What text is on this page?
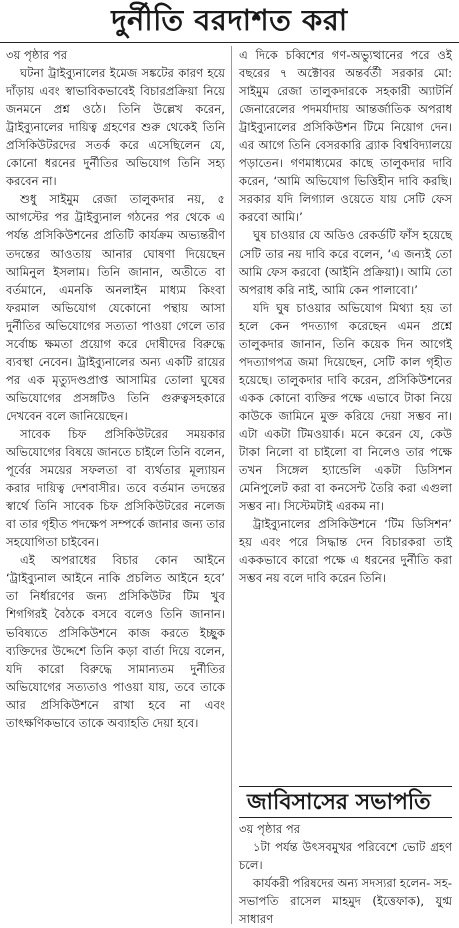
দুর্নীতি বরদাশত করা
৩য় পৃষ্ঠার পর

ঘটনা ট্রাইব্যুনালের ইমেজ সঙ্কটের কারণ হয়ে দাঁড়ায় এবং স্বাভাবিকভাবেই বিচারপ্রক্রিয়া নিয়ে জনমনে প্রশ্ন ওঠে। তিনি উল্লেখ করেন, ট্রাইব্যুনালের দায়িত্ব গ্রহণের শুরু থেকেই তিনি প্রসিকিউটরদের সতর্ক করে এসেছিলেন যে, কোনো ধরনের দুর্নীতির অভিযোগ তিনি সহ্য করবেন না।

শুধু সাইমুম রেজা তালুকদার নয়, ৫ আগস্টের পর ট্রাইব্যুনাল গঠনের পর থেকে এ পর্যন্ত প্রসিকিউশনের প্রতিটি কার্যক্রম অভ্যন্তরীণ তদন্তের আওতায় আনার ঘোষণা দিয়েছেন আমিনুল ইসলাম। তিনি জানান, অতীতে বা বর্তমানে, এমনকি অনলাইন মাধ্যম কিংবা ফরমাল অভিযোগ যেকোনো পন্থায় আসা দুর্নীতির অভিযোগের সত্যতা পাওয়া গেলে তার সর্বোচ্চ ক্ষমতা প্রয়োগ করে দোষীদের বিরুদ্ধে ব্যবস্থা নেবেন। ট্রাইব্যুনালের অন্য একটি রায়ের পর এক মৃত্যুদণ্ডপ্রাপ্ত আসামির তোলা ঘুষের অভিযোগের প্রসঙ্গটিও তিনি গুরুত্বসহকারে দেখবেন বলে জানিয়েছেন।

সাবেক চিফ প্রসিকিউটরের সময়কার অভিযোগের বিষয়ে জানতে চাইলে তিনি বলেন, পূর্বের সময়ের সফলতা বা ব্যর্থতার মূল্যায়ন করার দায়িত্ব দেশবাসীর। তবে বর্তমান তদন্তের স্বার্থে তিনি সাবেক চিফ প্রসিকিউটরের নলেজ বা তার গৃহীত পদক্ষেপ সম্পর্কে জানার জন্য তার সহযোগিতা চাইবেন।

এই অপরাধের বিচার কোন আইনে ‘ট্রাইব্যুনাল আইনে নাকি প্রচলিত আইনে হবে’ তা নির্ধারণের জন্য প্রসিকিউটর টিম খুব শিগগিরই বৈঠকে বসবে বলেও তিনি জানান। ভবিষ্যতে প্রসিকিউশনে কাজ করতে ইচ্ছুক ব্যক্তিদের উদ্দেশে তিনি কড়া বার্তা দিয়ে বলেন, যদি কারো বিরুদ্ধে সামান্যতম দুর্নীতির অভিযোগের সত্যতাও পাওয়া যায়, তবে তাকে আর প্রসিকিউশনে রাখা হবে না এবং তাৎক্ষণিকভাবে তাকে অব্যাহতি দেয়া হবে।

এ দিকে চব্বিশের গণ-অভ্যুত্থানের পরে ওই বছরের ৭ অক্টোবর অন্তর্বর্তী সরকার মো: সাইমুম রেজা তালুকদারকে সহকারী অ্যাটর্নি জেনারেলের পদমর্যাদায় আন্তর্জাতিক অপরাধ ট্রাইব্যুনালের প্রসিকিউশন টিমে নিয়োগ দেন। এর আগে তিনি বেসরকারি ব্র্যাক বিশ্ববিদ্যালয়ে পড়াতেন। গণমাধ্যমের কাছে তালুকদার দাবি করেন, ‘আমি অভিযোগ ভিত্তিহীন দাবি করছি। সরকার যদি লিগ্যাল ওয়েতে যায় সেটি ফেস করবো আমি।’

ঘুষ চাওয়ার যে অডিও রেকর্ডটি ফাঁস হয়েছে সেটি তার নয় দাবি করে বলেন, ‘এ জন্যই তো আমি ফেস করবো (আইনি প্রক্রিয়া)। আমি তো অপরাধ করি নাই, আমি কেন পালাবো।’

যদি ঘুষ চাওয়ার অভিযোগ মিথ্যা হয় তা হলে কেন পদত্যাগ করেছেন এমন প্রশ্নে তালুকদার জানান, তিনি কয়েক দিন আগেই পদত্যাগপত্র জমা দিয়েছেন, সেটি কাল গৃহীত হয়েছে। তালুকদার দাবি করেন, প্রসিকিউশনের একক কোনো ব্যক্তির পক্ষে এভাবে টাকা নিয়ে কাউকে জামিনে মুক্ত করিয়ে দেয়া সম্ভব না। এটা একটা টিমওয়ার্ক। মনে করেন যে, কেউ টাকা নিলো বা চাইলো বা নিলেও তার পক্ষে তখন সিঙ্গেল হ্যান্ডেলি একটা ডিসিশন মেনিপুলেট করা বা কনসেন্ট তৈরি করা এগুলা সম্ভব না। সিস্টেমটাই এরকম না।

ট্রাইব্যুনালের প্রসিকিউশনে ‘টিম ডিসিশন’ হয় এবং পরে সিদ্ধান্ত দেন বিচারকরা তাই এককভাবে কারো পক্ষে এ ধরনের দুর্নীতি করা সম্ভব নয় বলে দাবি করেন তিনি।

জাবিসাসের সভাপতি
৩য় পৃষ্ঠার পর

১টা পর্যন্ত উৎসবমুখর পরিবেশে ভোট গ্রহণ চলে।

কার্যকরী পরিষদের অন্য সদস্যরা হলেন- সহ-সভাপতি রাসেল মাহমুদ (ইত্তেফাক), যুগ্ম সাধারণ
